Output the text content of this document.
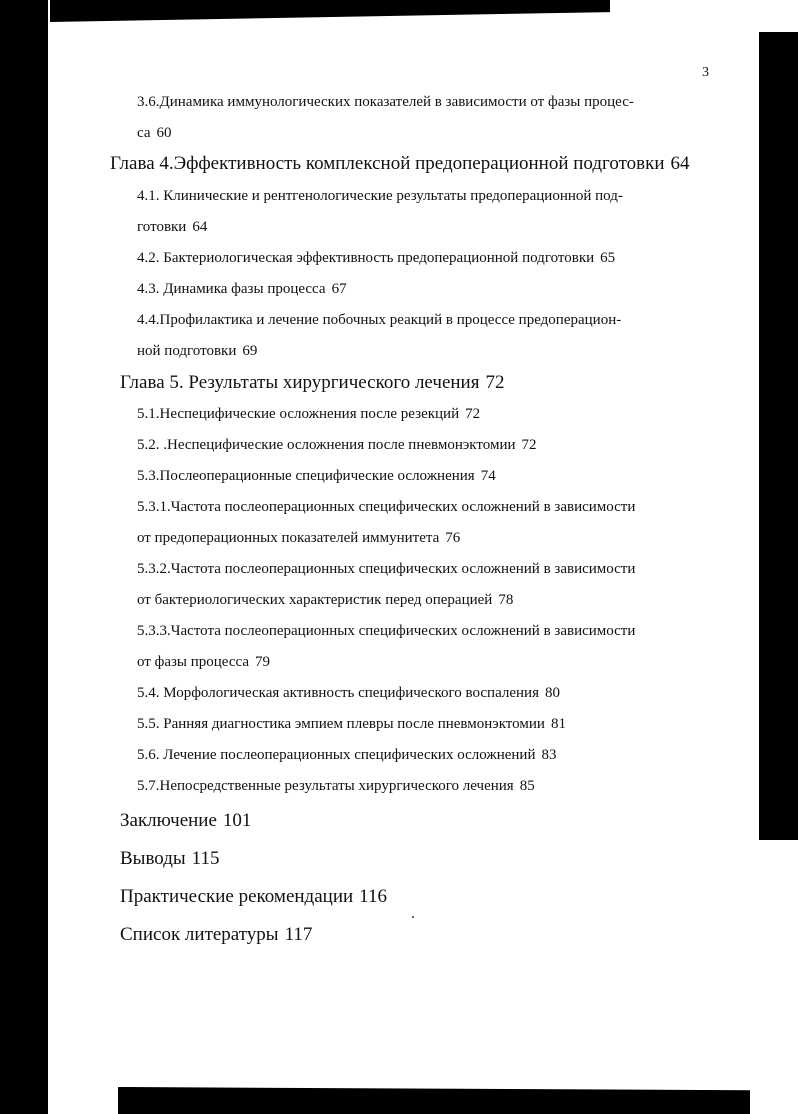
3
3.6.Динамика иммунологических показателей в зависимости от фазы процес-
са 60
Глава 4.Эффективность комплексной предоперационной подготовки 64
4.1. Клинические и рентгенологические результаты предоперационной под-
готовки 64
4.2. Бактериологическая эффективность предоперационной подготовки 65
4.3. Динамика фазы процесса 67
4.4.Профилактика и лечение побочных реакций в процессе предоперацион-
ной подготовки 69
Глава 5. Результаты хирургического лечения 72
5.1.Неспецифические осложнения после резекций 72
5.2. .Неспецифические осложнения после пневмонэктомии 72
5.3.Послеоперационные специфические осложнения 74
5.3.1.Частота послеоперационных специфических осложнений в зависимости
от предоперационных показателей иммунитета 76
5.3.2.Частота послеоперационных специфических осложнений в зависимости
от бактериологических характеристик перед операцией 78
5.3.3.Частота послеоперационных специфических осложнений в зависимости
от фазы процесса 79
5.4. Морфологическая активность специфического воспаления 80
5.5. Ранняя диагностика эмпием плевры после пневмонэктомии 81
5.6. Лечение послеоперационных специфических осложнений 83
5.7.Непосредственные результаты хирургического лечения 85
Заключение 101
Выводы 115
Практические рекомендации 116
Список литературы 117
